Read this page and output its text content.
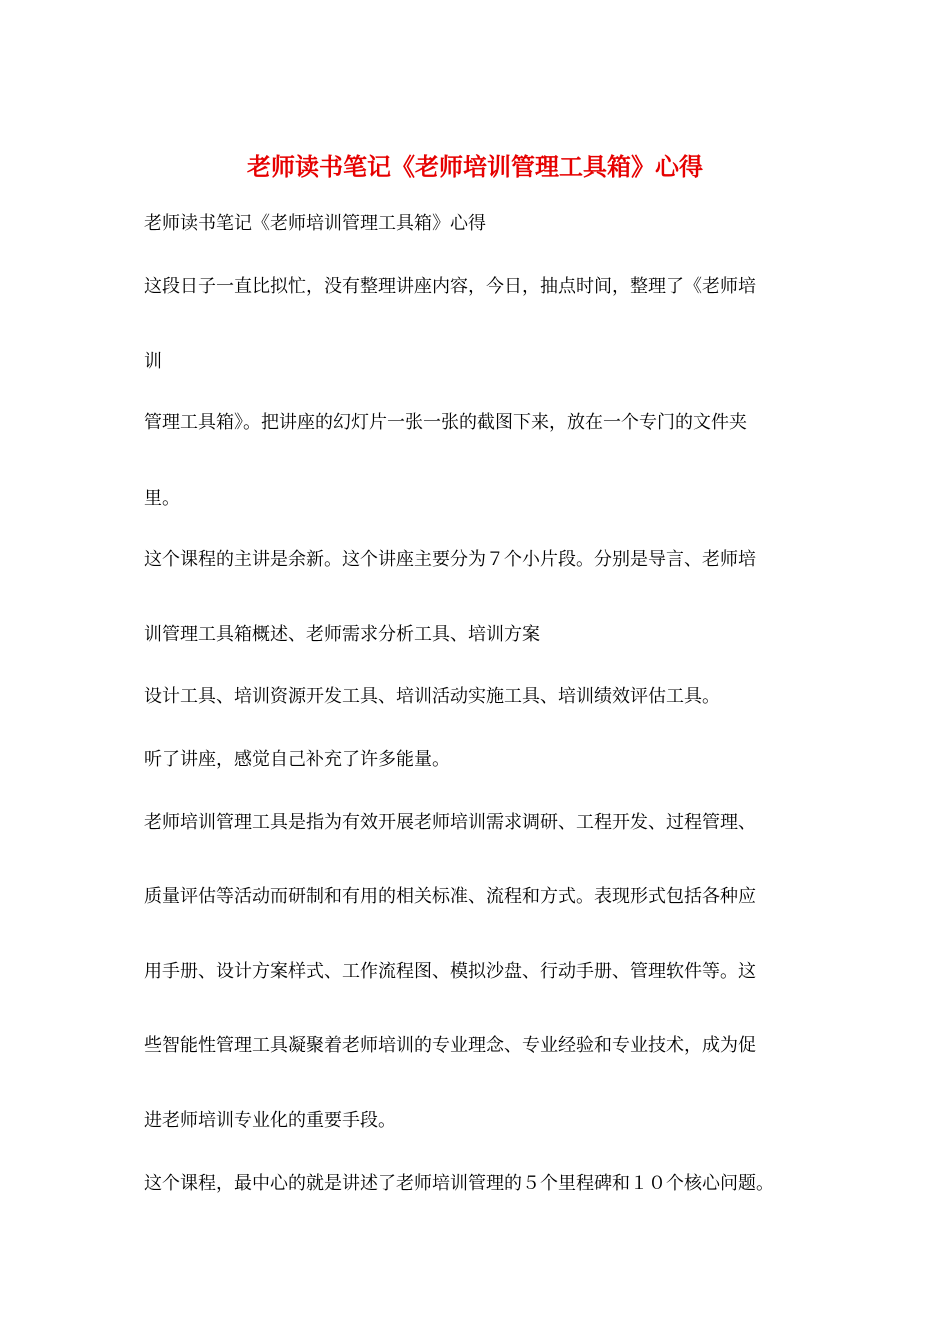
老师读书笔记《老师培训管理工具箱》心得
老师读书笔记《老师培训管理工具箱》心得
这段日子一直比拟忙，没有整理讲座内容，今日，抽点时间，整理了《老师培
训
管理工具箱》。把讲座的幻灯片一张一张的截图下来，放在一个专门的文件夹
里。
这个课程的主讲是余新。这个讲座主要分为７个小片段。分别是导言、老师培
训管理工具箱概述、老师需求分析工具、培训方案
设计工具、培训资源开发工具、培训活动实施工具、培训绩效评估工具。
听了讲座，感觉自己补充了许多能量。
老师培训管理工具是指为有效开展老师培训需求调研、工程开发、过程管理、
质量评估等活动而研制和有用的相关标准、流程和方式。表现形式包括各种应
用手册、设计方案样式、工作流程图、模拟沙盘、行动手册、管理软件等。这
些智能性管理工具凝聚着老师培训的专业理念、专业经验和专业技术，成为促
进老师培训专业化的重要手段。
这个课程，最中心的就是讲述了老师培训管理的５个里程碑和１０个核心问题。
